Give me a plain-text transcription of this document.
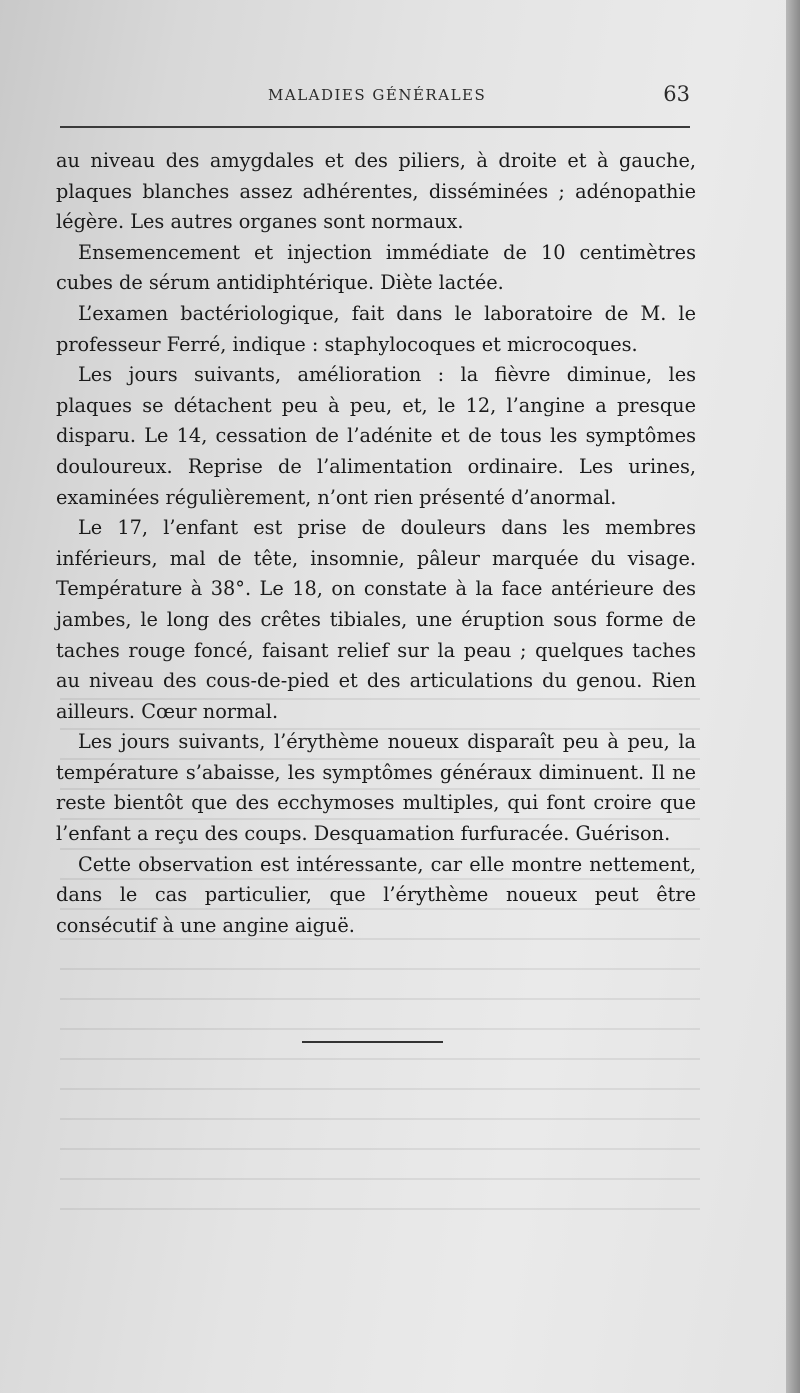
MALADIES GÉNÉRALES	63

au niveau des amygdales et des piliers, à droite et à gauche, plaques blanches assez adhérentes, disséminées ; adénopathie légère. Les autres organes sont normaux.

Ensemencement et injection immédiate de 10 centimètres cubes de sérum antidiphtérique. Diète lactée.

L’examen bactériologique, fait dans le laboratoire de M. le professeur Ferré, indique : staphylocoques et microcoques.

Les jours suivants, amélioration : la fièvre diminue, les plaques se détachent peu à peu, et, le 12, l’angine a presque disparu. Le 14, cessation de l’adénite et de tous les symptômes douloureux. Reprise de l’alimentation ordinaire. Les urines, examinées régulièrement, n’ont rien présenté d’anormal.

Le 17, l’enfant est prise de douleurs dans les membres inférieurs, mal de tête, insomnie, pâleur marquée du visage. Température à 38°. Le 18, on constate à la face antérieure des jambes, le long des crêtes tibiales, une éruption sous forme de taches rouge foncé, faisant relief sur la peau ; quelques taches au niveau des cous-de-pied et des articulations du genou. Rien ailleurs. Cœur normal.

Les jours suivants, l’érythème noueux disparaît peu à peu, la température s’abaisse, les symptômes généraux diminuent. Il ne reste bientôt que des ecchymoses multiples, qui font croire que l’enfant a reçu des coups. Desquamation furfuracée. Guérison.

Cette observation est intéressante, car elle montre nettement, dans le cas particulier, que l’érythème noueux peut être consécutif à une angine aiguë.
